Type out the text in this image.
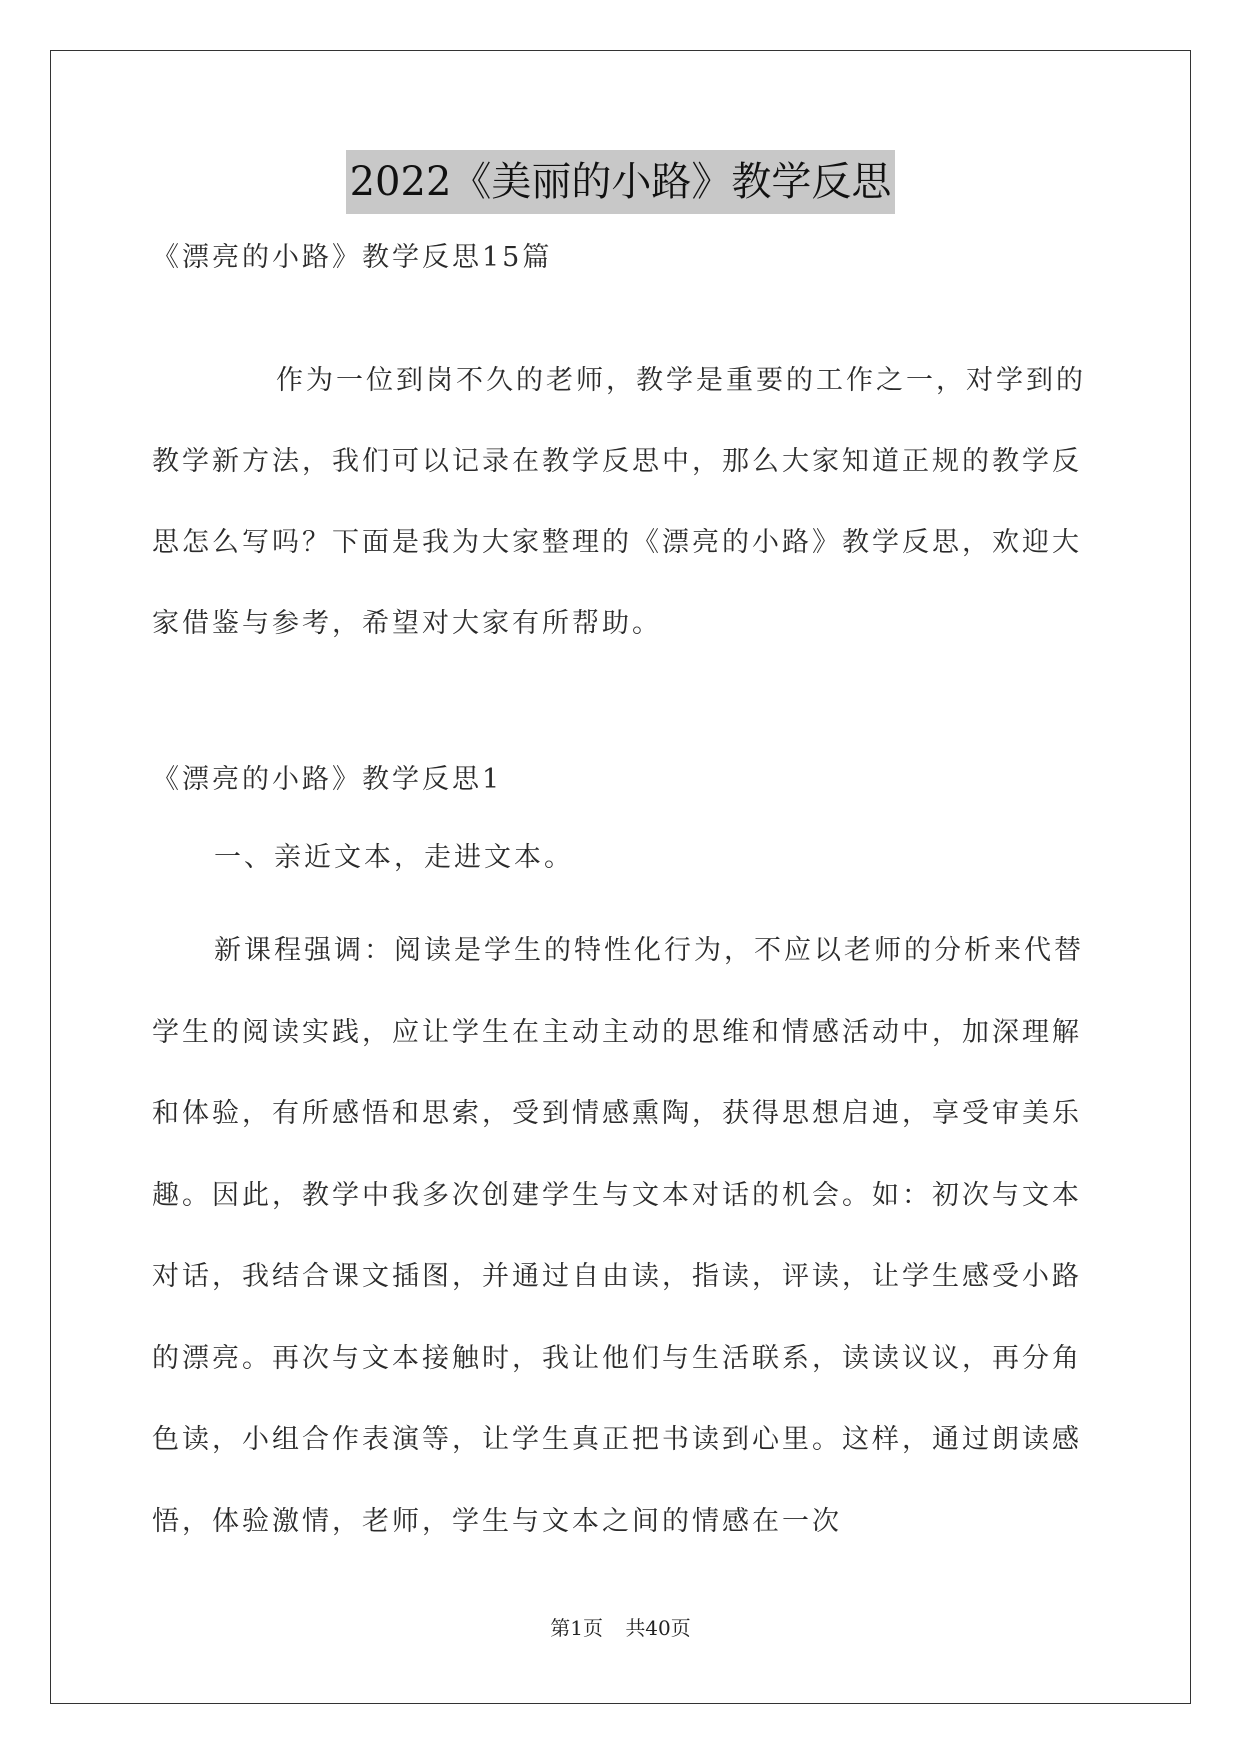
2022《美丽的小路》教学反思
《漂亮的小路》教学反思15篇
作为一位到岗不久的老师，教学是重要的工作之一，对学到的教学新方法，我们可以记录在教学反思中，那么大家知道正规的教学反思怎么写吗？下面是我为大家整理的《漂亮的小路》教学反思，欢迎大家借鉴与参考，希望对大家有所帮助。
《漂亮的小路》教学反思1
一、亲近文本，走进文本。
新课程强调：阅读是学生的特性化行为，不应以老师的分析来代替学生的阅读实践，应让学生在主动主动的思维和情感活动中，加深理解和体验，有所感悟和思索，受到情感熏陶，获得思想启迪，享受审美乐趣。因此，教学中我多次创建学生与文本对话的机会。如：初次与文本对话，我结合课文插图，并通过自由读，指读，评读，让学生感受小路的漂亮。再次与文本接触时，我让他们与生活联系，读读议议，再分角色读，小组合作表演等，让学生真正把书读到心里。这样，通过朗读感悟，体验激情，老师，学生与文本之间的情感在一次
第1页 共40页
